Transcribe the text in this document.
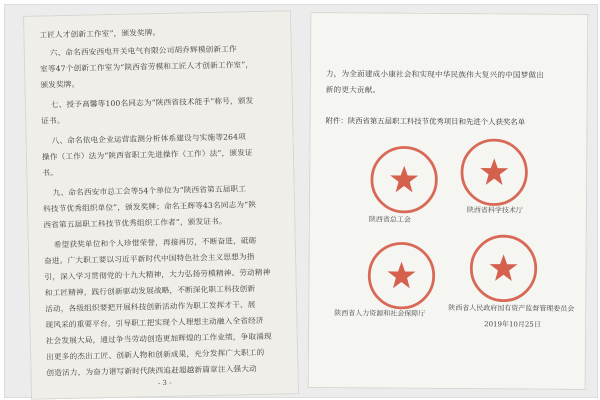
工匠人才创新工作室”，颁发奖牌。
六、命名西安西电开关电气有限公司胡乔辉模创新工作
室等47个创新工作室为“陕西省劳模和工匠人才创新工作室”，
颁发奖牌。
七、授予高馨等100名同志为“陕西省技术能手”称号，颁发
证书。
八、命名依电企业运营监测分析体系建设与实施等264项
操作（工作）法为“陕西省职工先进操作（工作）法”，颁发证
书。
九、命名西安市总工会等54个单位为“陕西省第五届职工
科技节优秀组织单位”，颁发奖牌；命名王辉等43名同志为“陕
西省第五届职工科技节优秀组织工作者”，颁发证书。
希望获奖单位和个人珍惜荣誉，再接再厉，不断奋进，砥砺
奋进。广大职工要以习近平新时代中国特色社会主义思想为指
引，深入学习贯彻党的十九大精神，大力弘扬劳模精神、劳动精神
和工匠精神，践行创新驱动发展战略，不断深化职工科技创新
活动，各级组织要把开展科技创新活动作为职工发挥才干、展
现风采的重要平台，引导职工把实现个人理想主动融入全省经济
社会发展大局，通过争当劳动创造更加辉煌的工作业绩，争取涌现
出更多的杰出工匠、创新人物和创新成果，充分发挥广大职工的
创造活力，为奋力谱写新时代陕西追赶超越新篇章注入强大动
- 3 -
力，为全面建成小康社会和实现中华民族伟大复兴的中国梦做出
新的更大贡献。
附件：陕西省第五届职工科技节优秀项目和先进个人获奖名单
陕西省总工会
陕西省科学技术厅
陕西省人力资源和社会保障厅
陕西省人民政府国有资产监督管理委员会
2019年10月25日
